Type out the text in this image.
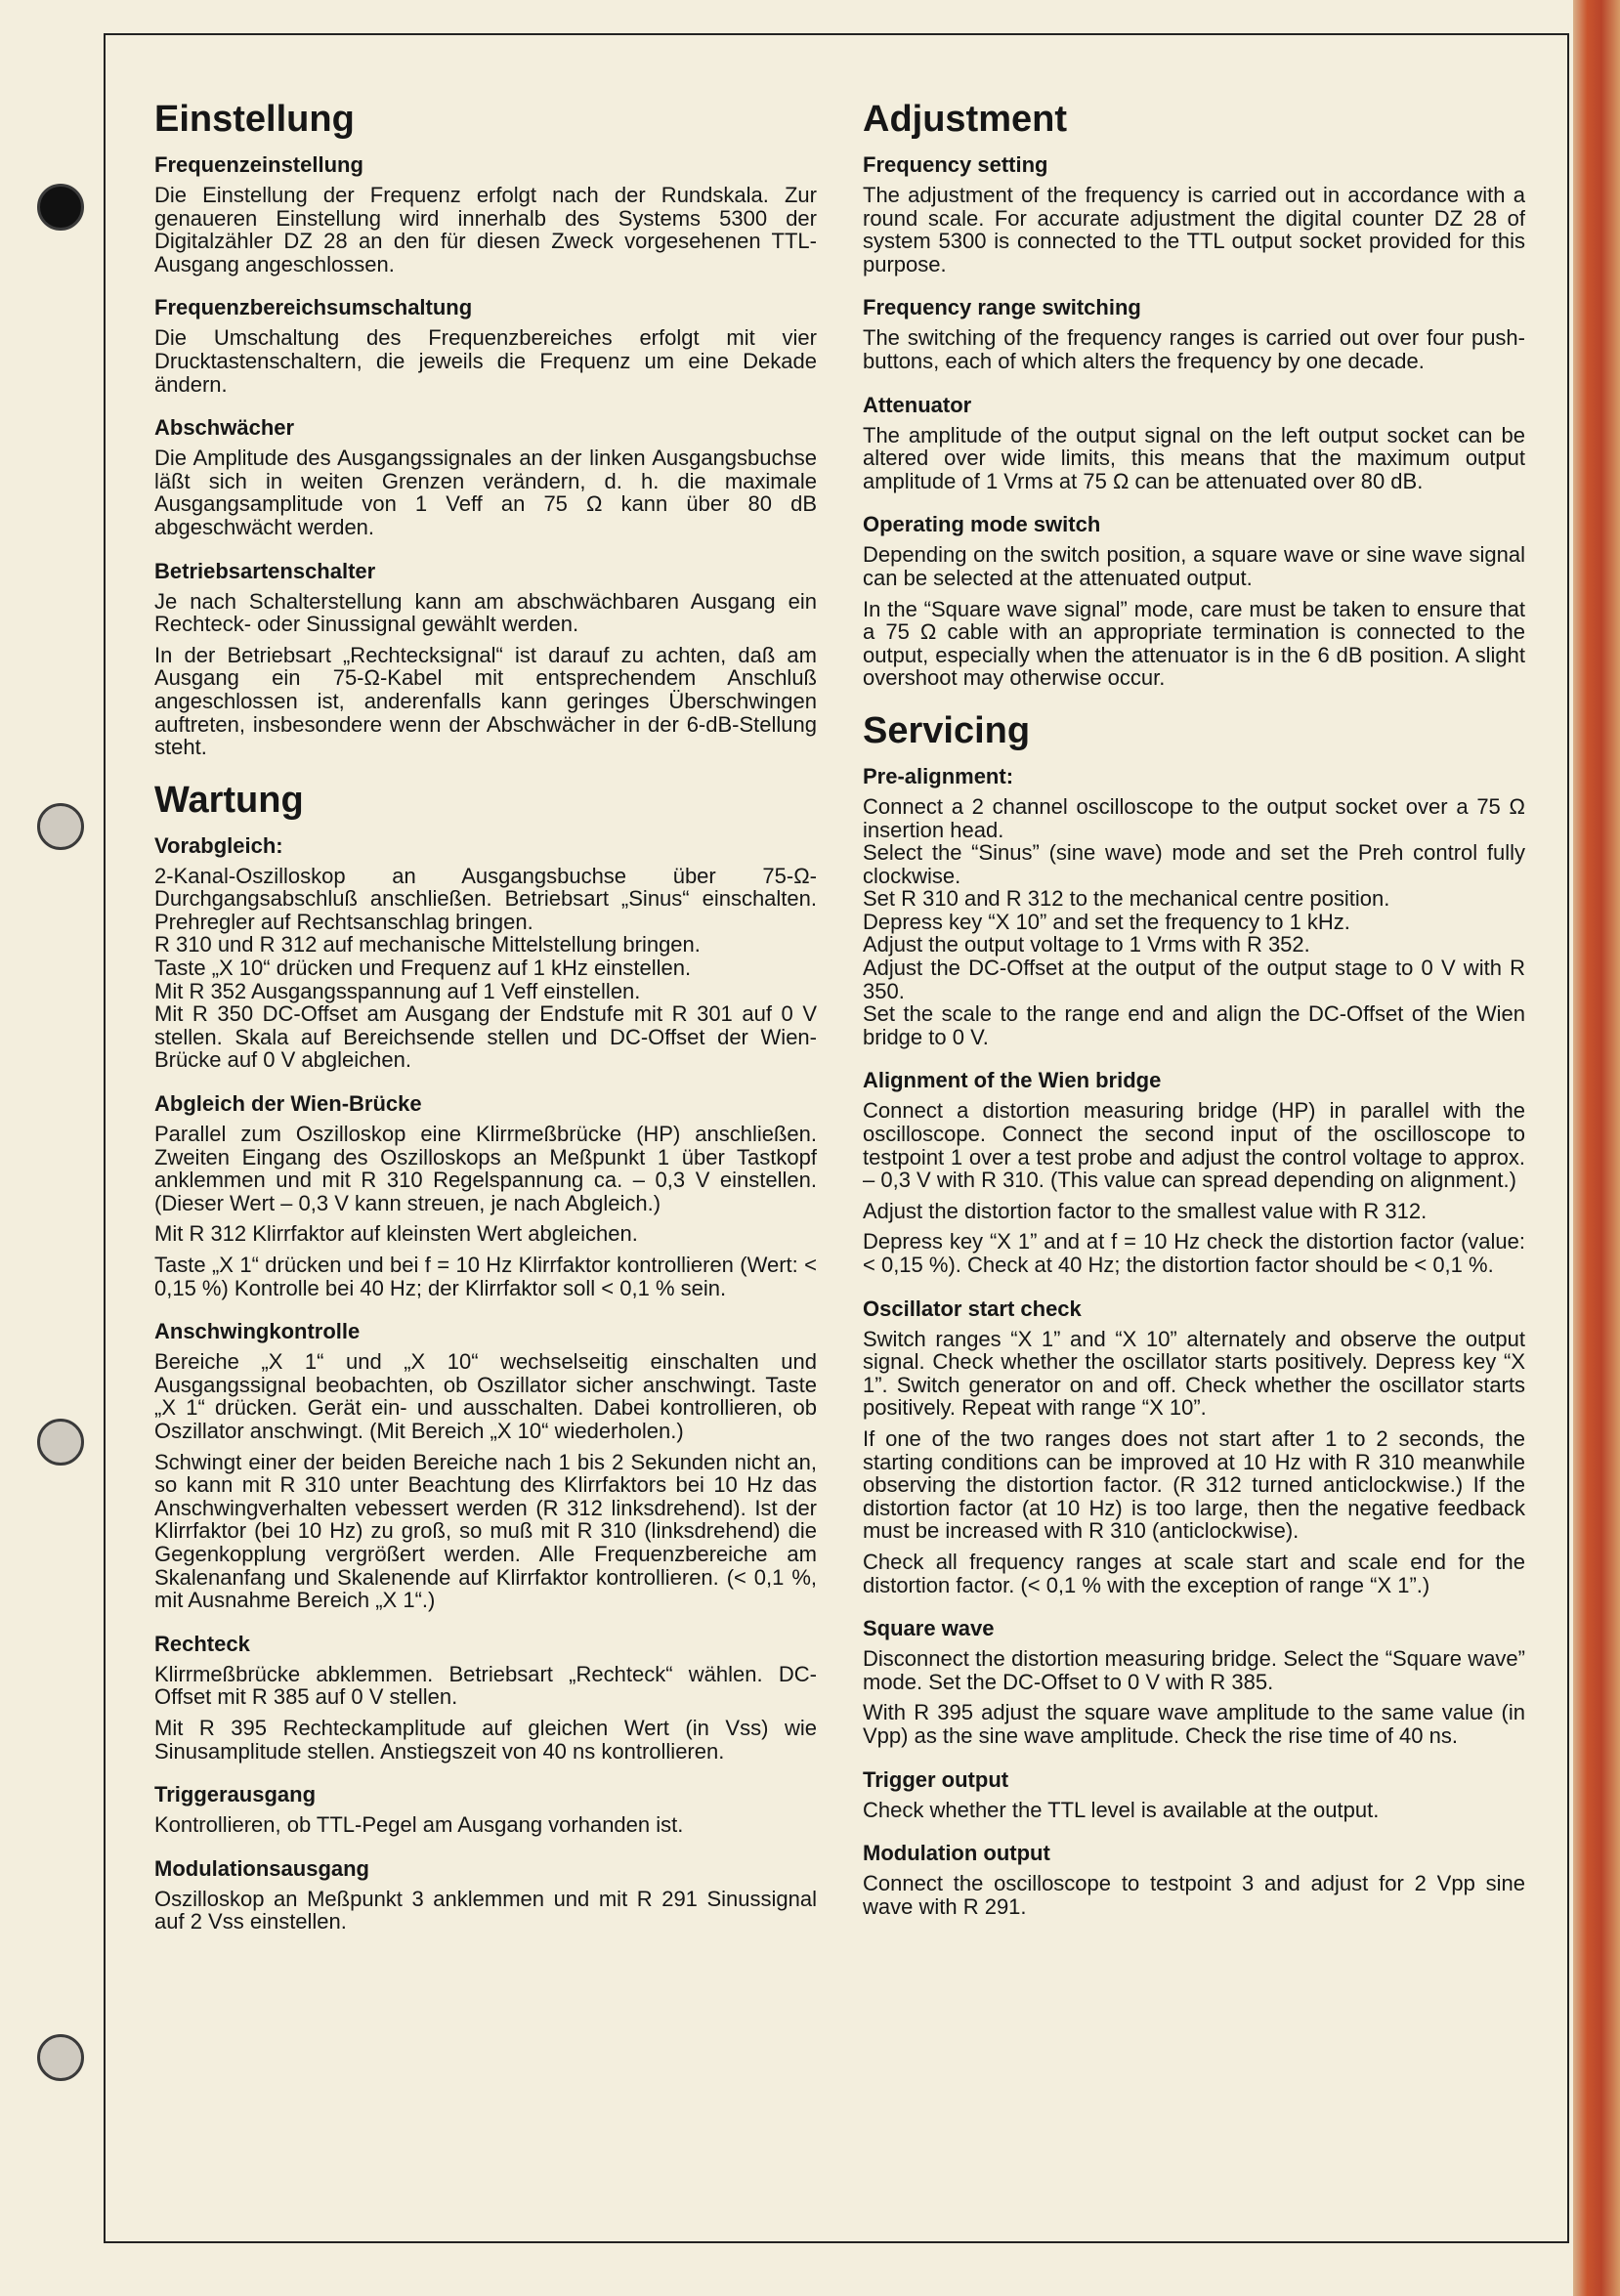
Einstellung
Frequenzeinstellung

Die Einstellung der Frequenz erfolgt nach der Rundskala. Zur genaueren Einstellung wird innerhalb des Systems 5300 der Digitalzähler DZ 28 an den für diesen Zweck vorgesehenen TTL-Ausgang angeschlossen.

Frequenzbereichsumschaltung

Die Umschaltung des Frequenzbereiches erfolgt mit vier Drucktastenschaltern, die jeweils die Frequenz um eine Dekade ändern.

Abschwächer

Die Amplitude des Ausgangssignales an der linken Ausgangsbuchse läßt sich in weiten Grenzen verändern, d. h. die maximale Ausgangsamplitude von 1 Veff an 75 Ω kann über 80 dB abgeschwächt werden.

Betriebsartenschalter

Je nach Schalterstellung kann am abschwächbaren Ausgang ein Rechteck- oder Sinussignal gewählt werden.

In der Betriebsart „Rechtecksignal“ ist darauf zu achten, daß am Ausgang ein 75-Ω-Kabel mit entsprechendem Anschluß angeschlossen ist, anderenfalls kann geringes Überschwingen auftreten, insbesondere wenn der Abschwächer in der 6-dB-Stellung steht.

Wartung
Vorabgleich:

2-Kanal-Oszilloskop an Ausgangsbuchse über 75-Ω-Durchgangsabschluß anschließen. Betriebsart „Sinus“ einschalten. Prehregler auf Rechtsanschlag bringen.
R 310 und R 312 auf mechanische Mittelstellung bringen.
Taste „X 10“ drücken und Frequenz auf 1 kHz einstellen.
Mit R 352 Ausgangsspannung auf 1 Veff einstellen.
Mit R 350 DC-Offset am Ausgang der Endstufe mit R 301 auf 0 V stellen. Skala auf Bereichsende stellen und DC-Offset der Wien-Brücke auf 0 V abgleichen.

Abgleich der Wien-Brücke

Parallel zum Oszilloskop eine Klirrmeßbrücke (HP) anschließen. Zweiten Eingang des Oszilloskops an Meßpunkt 1 über Tastkopf anklemmen und mit R 310 Regelspannung ca. – 0,3 V einstellen. (Dieser Wert – 0,3 V kann streuen, je nach Abgleich.)

Mit R 312 Klirrfaktor auf kleinsten Wert abgleichen.

Taste „X 1“ drücken und bei f = 10 Hz Klirrfaktor kontrollieren (Wert: < 0,15 %) Kontrolle bei 40 Hz; der Klirrfaktor soll < 0,1 % sein.

Anschwingkontrolle

Bereiche „X 1“ und „X 10“ wechselseitig einschalten und Ausgangssignal beobachten, ob Oszillator sicher anschwingt. Taste „X 1“ drücken. Gerät ein- und ausschalten. Dabei kontrollieren, ob Oszillator anschwingt. (Mit Bereich „X 10“ wiederholen.)

Schwingt einer der beiden Bereiche nach 1 bis 2 Sekunden nicht an, so kann mit R 310 unter Beachtung des Klirrfaktors bei 10 Hz das Anschwingverhalten vebessert werden (R 312 linksdrehend). Ist der Klirrfaktor (bei 10 Hz) zu groß, so muß mit R 310 (linksdrehend) die Gegenkopplung vergrößert werden. Alle Frequenzbereiche am Skalenanfang und Skalenende auf Klirrfaktor kontrollieren. (< 0,1 %, mit Ausnahme Bereich „X 1“.)

Rechteck

Klirrmeßbrücke abklemmen. Betriebsart „Rechteck“ wählen. DC-Offset mit R 385 auf 0 V stellen.

Mit R 395 Rechteckamplitude auf gleichen Wert (in Vss) wie Sinusamplitude stellen. Anstiegszeit von 40 ns kontrollieren.

Triggerausgang

Kontrollieren, ob TTL-Pegel am Ausgang vorhanden ist.

Modulationsausgang

Oszilloskop an Meßpunkt 3 anklemmen und mit R 291 Sinussignal auf 2 Vss einstellen.

Adjustment
Frequency setting

The adjustment of the frequency is carried out in accordance with a round scale. For accurate adjustment the digital counter DZ 28 of system 5300 is connected to the TTL output socket provided for this purpose.

Frequency range switching

The switching of the frequency ranges is carried out over four push-buttons, each of which alters the frequency by one decade.

Attenuator

The amplitude of the output signal on the left output socket can be altered over wide limits, this means that the maximum output amplitude of 1 Vrms at 75 Ω can be attenuated over 80 dB.

Operating mode switch

Depending on the switch position, a square wave or sine wave signal can be selected at the attenuated output.

In the “Square wave signal” mode, care must be taken to ensure that a 75 Ω cable with an appropriate termination is connected to the output, especially when the attenuator is in the 6 dB position. A slight overshoot may otherwise occur.

Servicing
Pre-alignment:

Connect a 2 channel oscilloscope to the output socket over a 75 Ω insertion head.
Select the “Sinus” (sine wave) mode and set the Preh control fully clockwise.
Set R 310 and R 312 to the mechanical centre position.
Depress key “X 10” and set the frequency to 1 kHz.
Adjust the output voltage to 1 Vrms with R 352.
Adjust the DC-Offset at the output of the output stage to 0 V with R 350.
Set the scale to the range end and align the DC-Offset of the Wien bridge to 0 V.

Alignment of the Wien bridge

Connect a distortion measuring bridge (HP) in parallel with the oscilloscope. Connect the second input of the oscilloscope to testpoint 1 over a test probe and adjust the control voltage to approx. – 0,3 V with R 310. (This value can spread depending on alignment.)

Adjust the distortion factor to the smallest value with R 312.

Depress key “X 1” and at f = 10 Hz check the distortion factor (value: < 0,15 %). Check at 40 Hz; the distortion factor should be < 0,1 %.

Oscillator start check

Switch ranges “X 1” and “X 10” alternately and observe the output signal. Check whether the oscillator starts positively. Depress key “X 1”. Switch generator on and off. Check whether the oscillator starts positively. Repeat with range “X 10”.

If one of the two ranges does not start after 1 to 2 seconds, the starting conditions can be improved at 10 Hz with R 310 meanwhile observing the distortion factor. (R 312 turned anticlockwise.) If the distortion factor (at 10 Hz) is too large, then the negative feedback must be increased with R 310 (anticlockwise).

Check all frequency ranges at scale start and scale end for the distortion factor. (< 0,1 % with the exception of range “X 1”.)

Square wave

Disconnect the distortion measuring bridge. Select the “Square wave” mode. Set the DC-Offset to 0 V with R 385.

With R 395 adjust the square wave amplitude to the same value (in Vpp) as the sine wave amplitude. Check the rise time of 40 ns.

Trigger output

Check whether the TTL level is available at the output.

Modulation output

Connect the oscilloscope to testpoint 3 and adjust for 2 Vpp sine wave with R 291.
